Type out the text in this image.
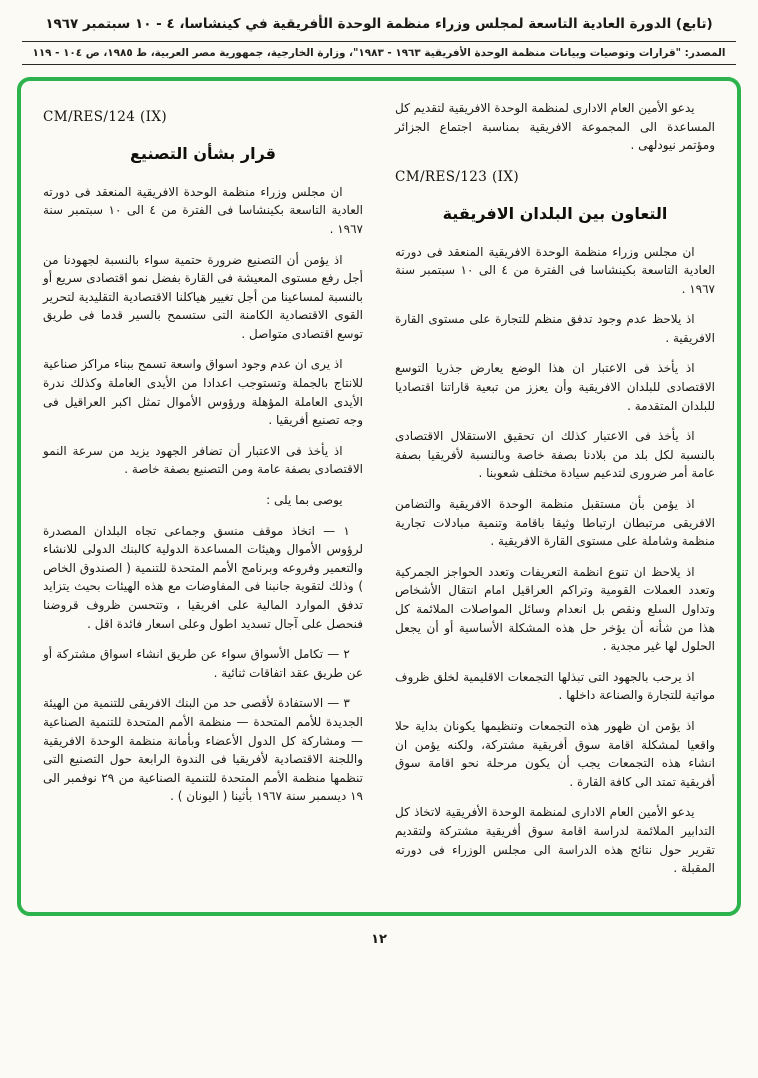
(تابع) الدورة العادية التاسعة لمجلس وزراء منظمة الوحدة الأفريقية في كينشاسا، ٤ - ١٠ سبتمبر ١٩٦٧
المصدر: "قرارات وتوصيات وبيانات منظمة الوحدة الأفريقية ١٩٦٣ - ١٩٨٣"، وزارة الخارجية، جمهورية مصر العربية، ط ١٩٨٥، ص ١٠٤ - ١١٩

يدعو الأمين العام الادارى لمنظمة الوحدة الافريقية لتقديم كل المساعدة الى المجموعة الافريقية بمناسبة اجتماع الجزائر ومؤتمر نيودلهى .

CM/RES/123 (IX)
التعاون بين البلدان الافريقية

ان مجلس وزراء منظمة الوحدة الافريقية المنعقد فى دورته العادية التاسعة بكينشاسا فى الفترة من ٤ الى ١٠ سبتمبر سنة ١٩٦٧ .

اذ يلاحظ عدم وجود تدفق منظم للتجارة على مستوى القارة الافريقية .

اذ يأخذ فى الاعتبار ان هذا الوضع يعارض جذريا التوسع الاقتصادى للبلدان الافريقية وأن يعزز من تبعية قاراتنا اقتصاديا للبلدان المتقدمة .

اذ يأخذ فى الاعتبار كذلك ان تحقيق الاستقلال الاقتصادى بالنسبة لكل بلد من بلادنا بصفة خاصة وبالنسبة لأفريقيا بصفة عامة أمر ضرورى لتدعيم سيادة مختلف شعوبنا .

اذ يؤمن بأن مستقبل منظمة الوحدة الافريقية والتضامن الافريقى مرتبطان ارتباطا وثيقا باقامة وتنمية مبادلات تجارية منظمة وشاملة على مستوى القارة الافريقية .

اذ يلاحظ ان تنوع انظمة التعريفات وتعدد الحواجز الجمركية وتعدد العملات القومية وتراكم العراقيل امام انتقال الأشخاص وتداول السلع ونقص بل انعدام وسائل المواصلات الملائمة كل هذا من شأنه أن يؤخر حل هذه المشكلة الأساسية أو أن يجعل الحلول لها غير مجدية .

اذ يرحب بالجهود التى تبذلها التجمعات الاقليمية لخلق ظروف مواتية للتجارة والصناعة داخلها .

اذ يؤمن ان ظهور هذه التجمعات وتنظيمها يكونان بداية حلا واقعيا لمشكلة اقامة سوق أفريقية مشتركة، ولكنه يؤمن ان انشاء هذه التجمعات يجب أن يكون مرحلة نحو اقامة سوق أفريقية تمتد الى كافة القارة .

يدعو الأمين العام الادارى لمنظمة الوحدة الأفريقية لاتخاذ كل التدابير الملائمة لدراسة اقامة سوق أفريقية مشتركة ولتقديم تقرير حول نتائج هذه الدراسة الى مجلس الوزراء فى دورته المقبلة .

CM/RES/124 (IX)
قرار بشأن التصنيع

ان مجلس وزراء منظمة الوحدة الافريقية المنعقد فى دورته العادية التاسعة بكينشاسا فى الفترة من ٤ الى ١٠ سبتمبر سنة ١٩٦٧ .

اذ يؤمن أن التصنيع ضرورة حتمية سواء بالنسبة لجهودنا من أجل رفع مستوى المعيشة فى القارة بفضل نمو اقتصادى سريع أو بالنسبة لمساعينا من أجل تغيير هياكلنا الاقتصادية التقليدية لتحرير القوى الاقتصادية الكامنة التى ستسمح بالسير قدما فى طريق توسع اقتصادى متواصل .

اذ يرى ان عدم وجود اسواق واسعة تسمح ببناء مراكز صناعية للانتاج بالجملة وتستوجب اعدادا من الأيدى العاملة وكذلك ندرة الأيدى العاملة المؤهلة ورؤوس الأموال تمثل اكبر العراقيل فى وجه تصنيع أفريقيا .

اذ يأخذ فى الاعتبار أن تضافر الجهود يزيد من سرعة النمو الاقتصادى بصفة عامة ومن التصنيع بصفة خاصة .

يوصى بما يلى :

١ — اتخاذ موقف منسق وجماعى تجاه البلدان المصدرة لرؤوس الأموال وهيئات المساعدة الدولية كالبنك الدولى للانشاء والتعمير وفروعه وبرنامج الأمم المتحدة للتنمية ( الصندوق الخاص ) وذلك لتقوية جانبنا فى المفاوضات مع هذه الهيئات بحيث يتزايد تدفق الموارد المالية على افريقيا ، وتتحسن ظروف قروضنا فنحصل على آجال تسديد اطول وعلى اسعار فائدة اقل .

٢ — تكامل الأسواق سواء عن طريق انشاء اسواق مشتركة أو عن طريق عقد اتفاقات ثنائية .

٣ — الاستفادة لأقصى حد من البنك الافريقى للتنمية من الهيئة الجديدة للأمم المتحدة — منظمة الأمم المتحدة للتنمية الصناعية — ومشاركة كل الدول الأعضاء وبأمانة منظمة الوحدة الافريقية واللجنة الاقتصادية لأفريقيا فى الندوة الرابعة حول التصنيع التى تنظمها منظمة الأمم المتحدة للتنمية الصناعية من ٢٩ نوفمبر الى ١٩ ديسمبر سنة ١٩٦٧ بأثينا ( اليونان ) .

١٢
